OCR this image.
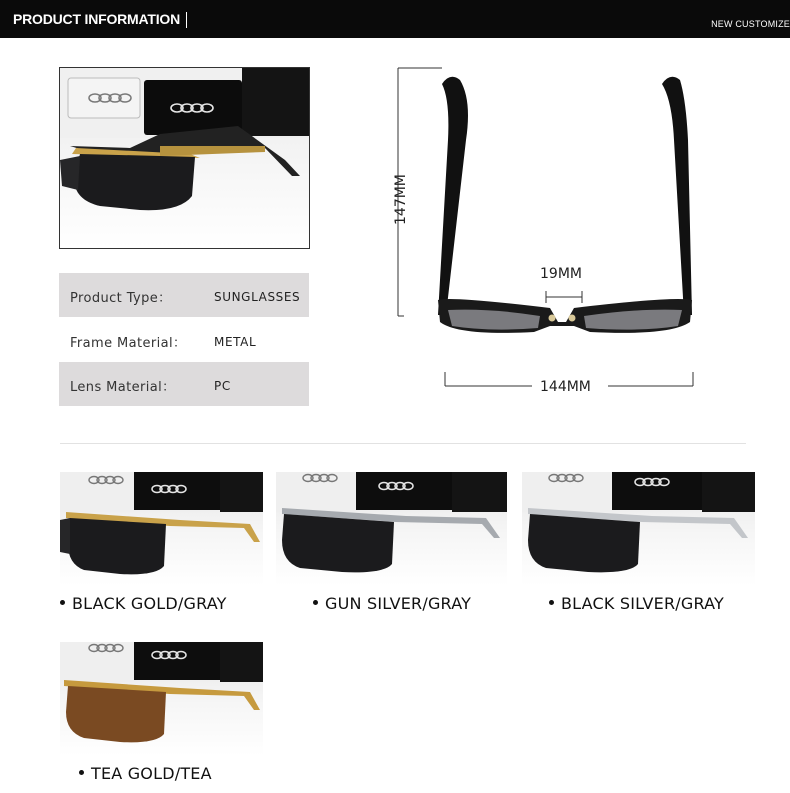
PRODUCT INFORMATION	NEW CUSTOMIZE
Product Type：	SUNGLASSES
Frame Material： METAL
Lens Material：	PC
147MM
19MM
144MM
BLACK GOLD/GRAY	GUN SILVER/GRAY	BLACK SILVER/GRAY
TEA GOLD/TEA
